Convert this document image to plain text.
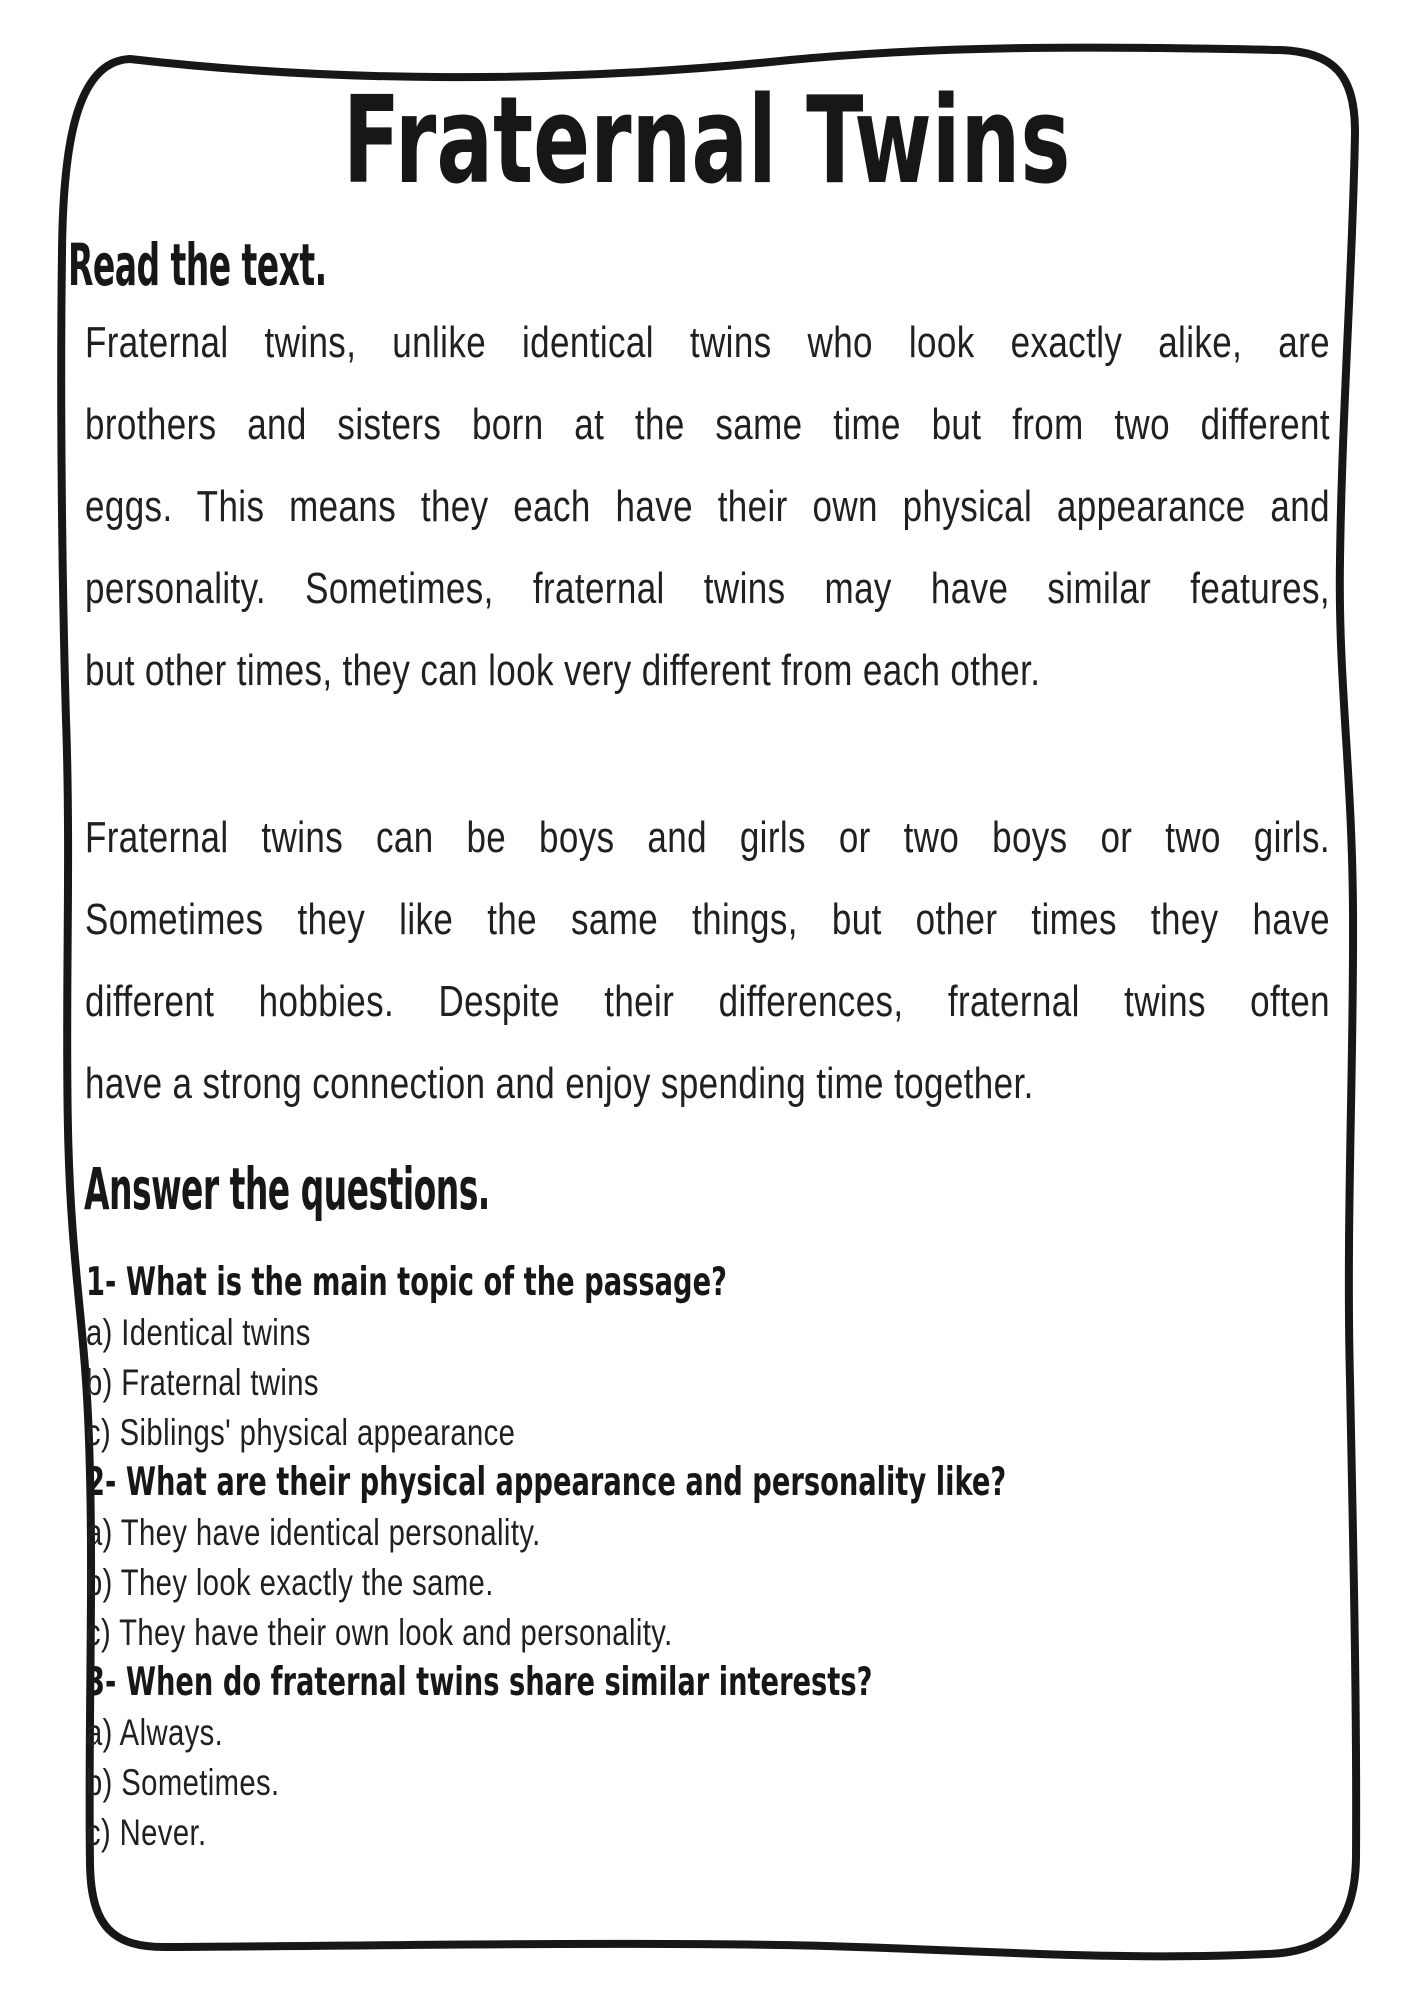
Fraternal Twins
Read the text.
Fraternal twins, unlike identical twins who look exactly alike, are
brothers and sisters born at the same time but from two different
eggs. This means they each have their own physical appearance and
personality. Sometimes, fraternal twins may have similar features,
but other times, they can look very different from each other.
Fraternal twins can be boys and girls or two boys or two girls.
Sometimes they like the same things, but other times they have
different hobbies. Despite their differences, fraternal twins often
have a strong connection and enjoy spending time together.
Answer the questions.
1- What is the main topic of the passage?
a) Identical twins
b) Fraternal twins
c) Siblings' physical appearance
2- What are their physical appearance and personality like?
a) They have identical personality.
b) They look exactly the same.
c) They have their own look and personality.
3- When do fraternal twins share similar interests?
a) Always.
b) Sometimes.
c) Never.
